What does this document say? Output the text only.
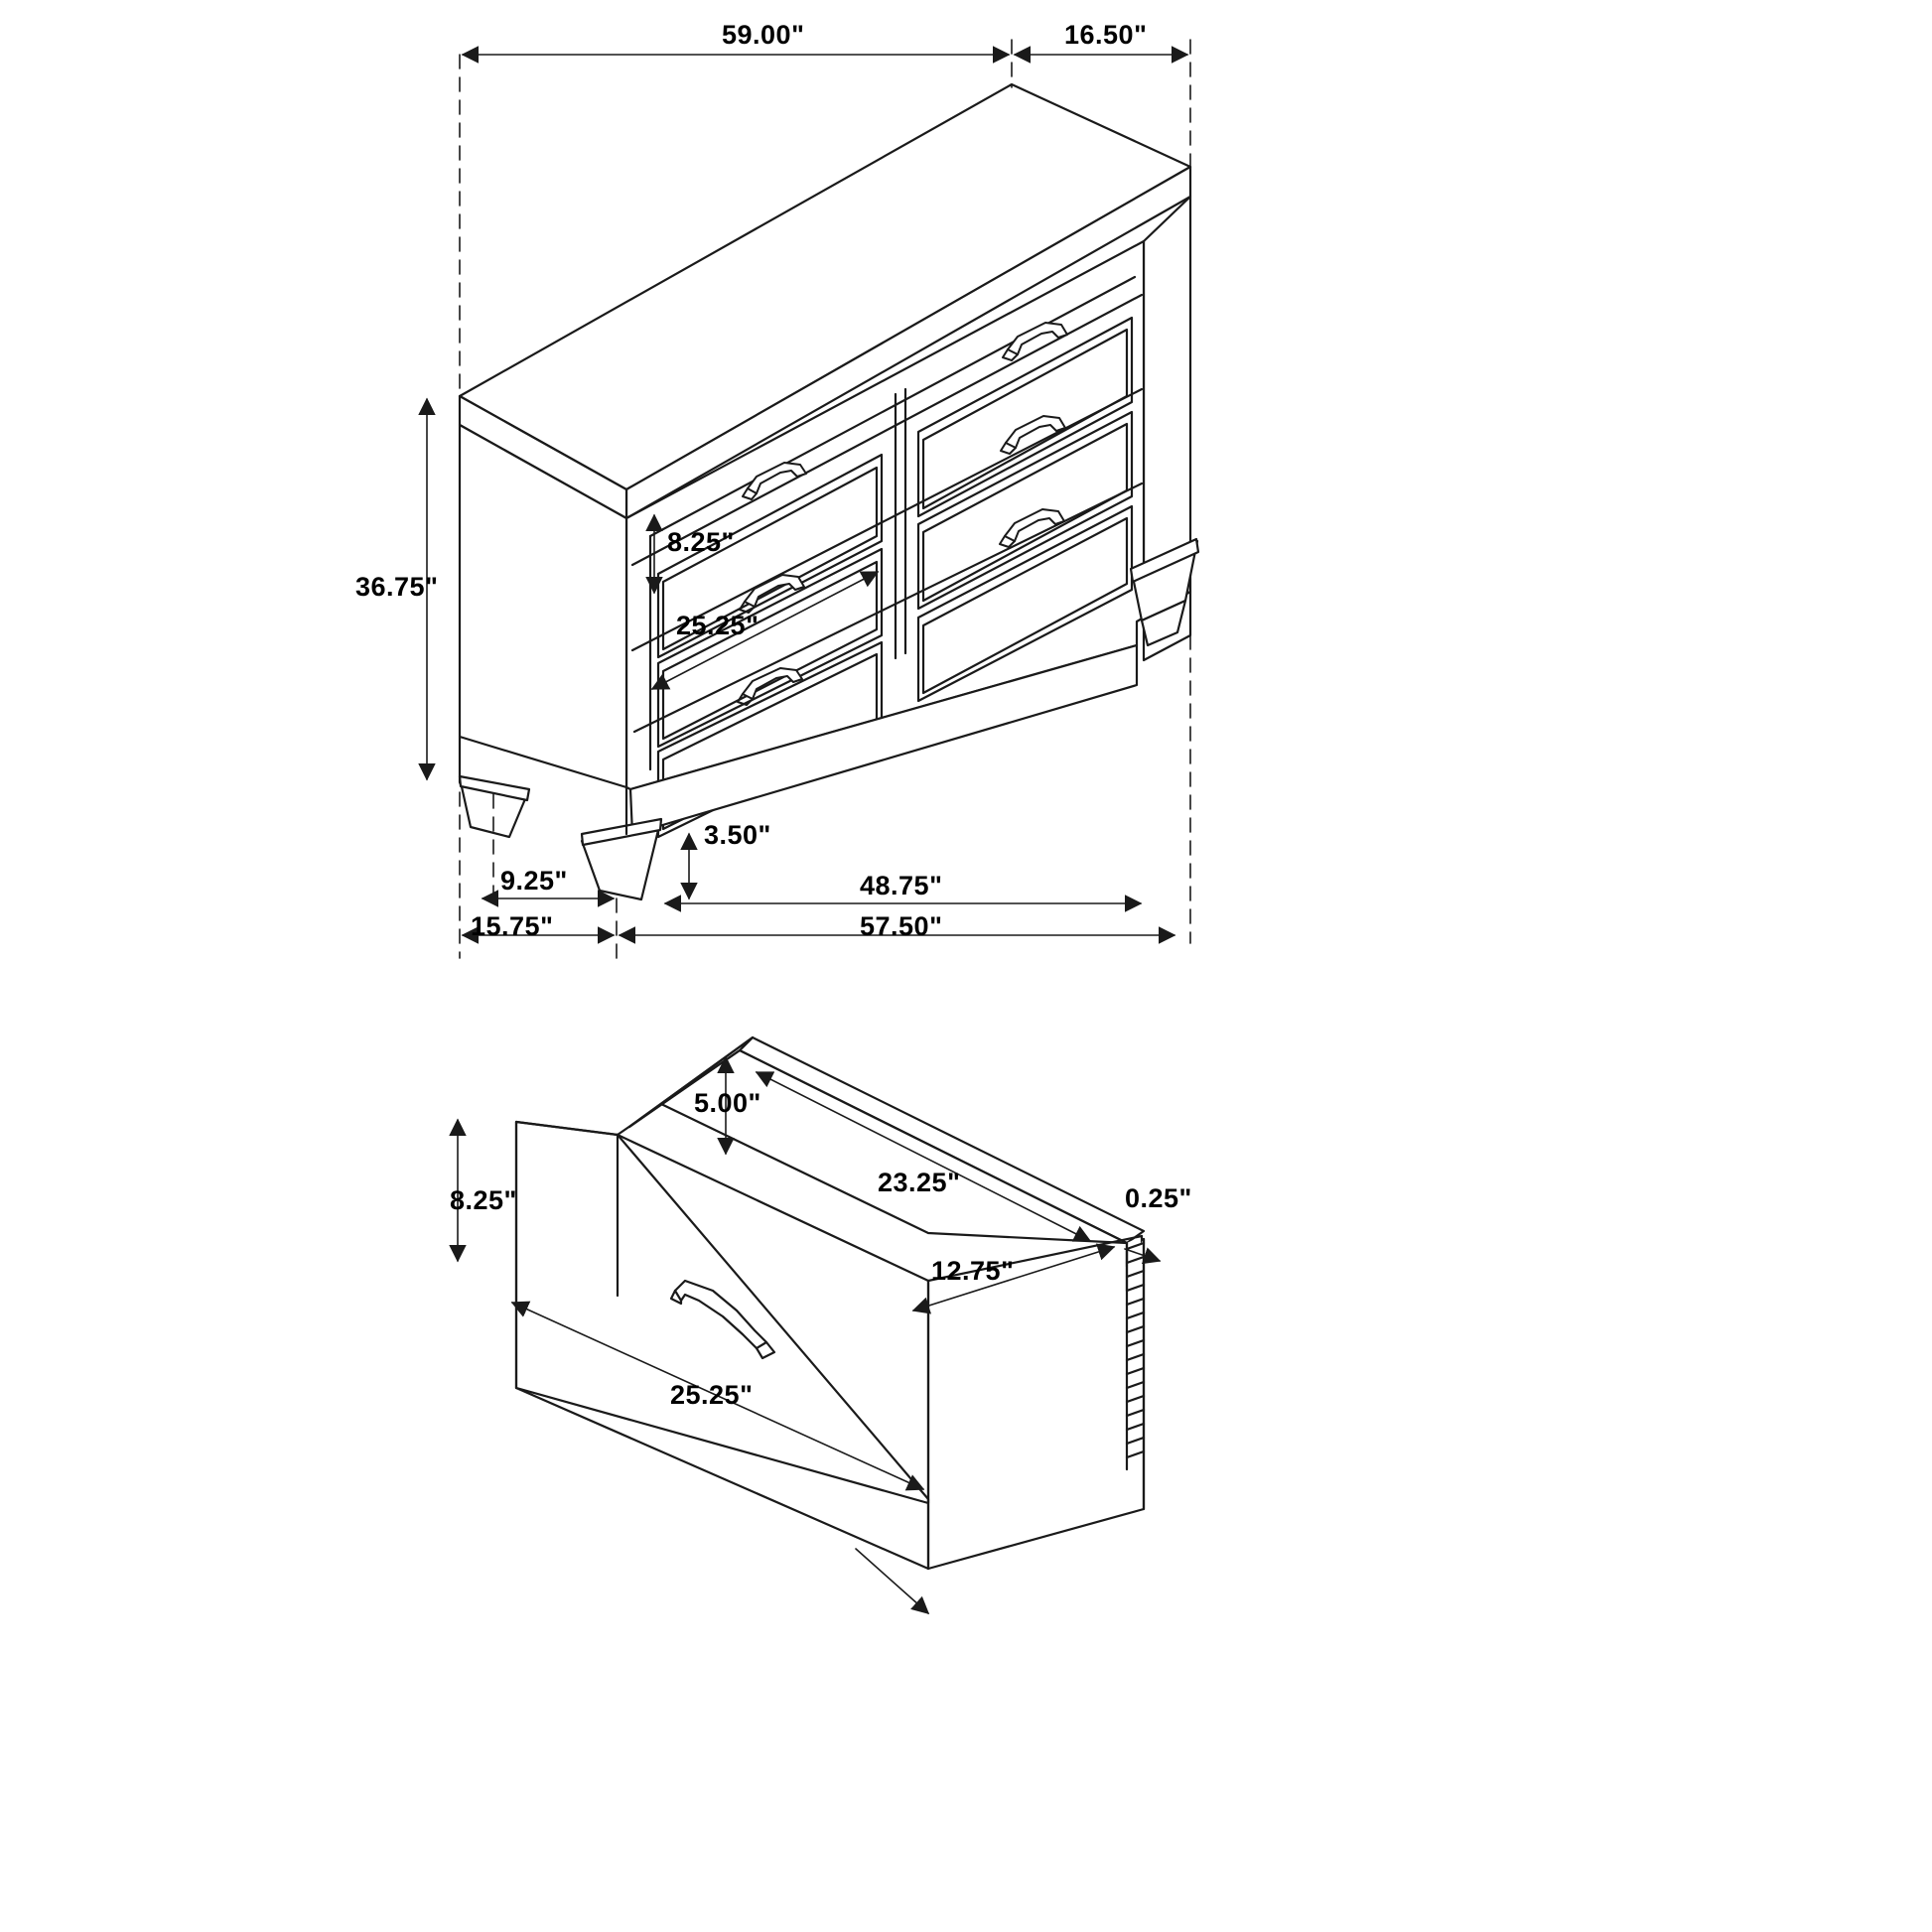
59.00"	16.50"
36.75"
8.25"
25.25"
3.50"
9.25"	48.75"
15.75"	57.50"
5.00"
23.25"
12.75"
0.25"
8.25"
25.25"
